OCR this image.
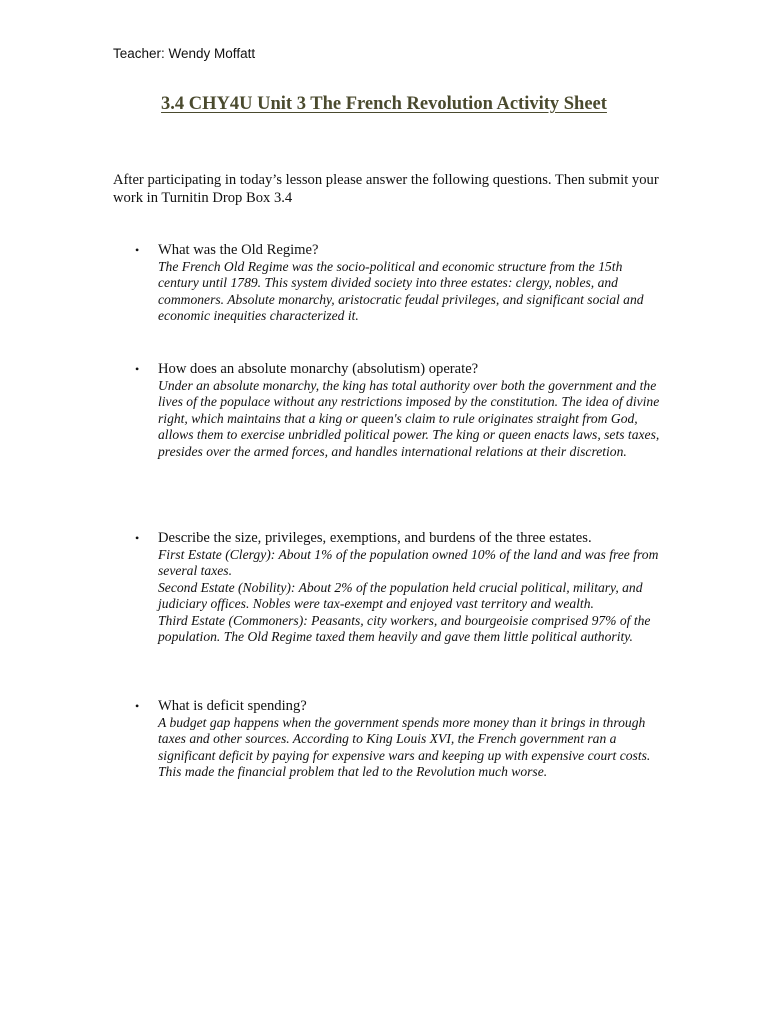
Teacher: Wendy Moffatt
3.4 CHY4U Unit 3 The French Revolution Activity Sheet
After participating in today’s lesson please answer the following questions. Then submit your work in Turnitin Drop Box 3.4
• What was the Old Regime?

The French Old Regime was the socio-political and economic structure from the 15th century until 1789. This system divided society into three estates: clergy, nobles, and commoners. Absolute monarchy, aristocratic feudal privileges, and significant social and economic inequities characterized it.

• How does an absolute monarchy (absolutism) operate?

Under an absolute monarchy, the king has total authority over both the government and the lives of the populace without any restrictions imposed by the constitution. The idea of divine right, which maintains that a king or queen's claim to rule originates straight from God, allows them to exercise unbridled political power. The king or queen enacts laws, sets taxes, presides over the armed forces, and handles international relations at their discretion.

• Describe the size, privileges, exemptions, and burdens of the three estates.

First Estate (Clergy): About 1% of the population owned 10% of the land and was free from several taxes.

Second Estate (Nobility): About 2% of the population held crucial political, military, and judiciary offices. Nobles were tax-exempt and enjoyed vast territory and wealth.

Third Estate (Commoners): Peasants, city workers, and bourgeoisie comprised 97% of the population. The Old Regime taxed them heavily and gave them little political authority.

• What is deficit spending?

A budget gap happens when the government spends more money than it brings in through taxes and other sources. According to King Louis XVI, the French government ran a significant deficit by paying for expensive wars and keeping up with expensive court costs. This made the financial problem that led to the Revolution much worse.
